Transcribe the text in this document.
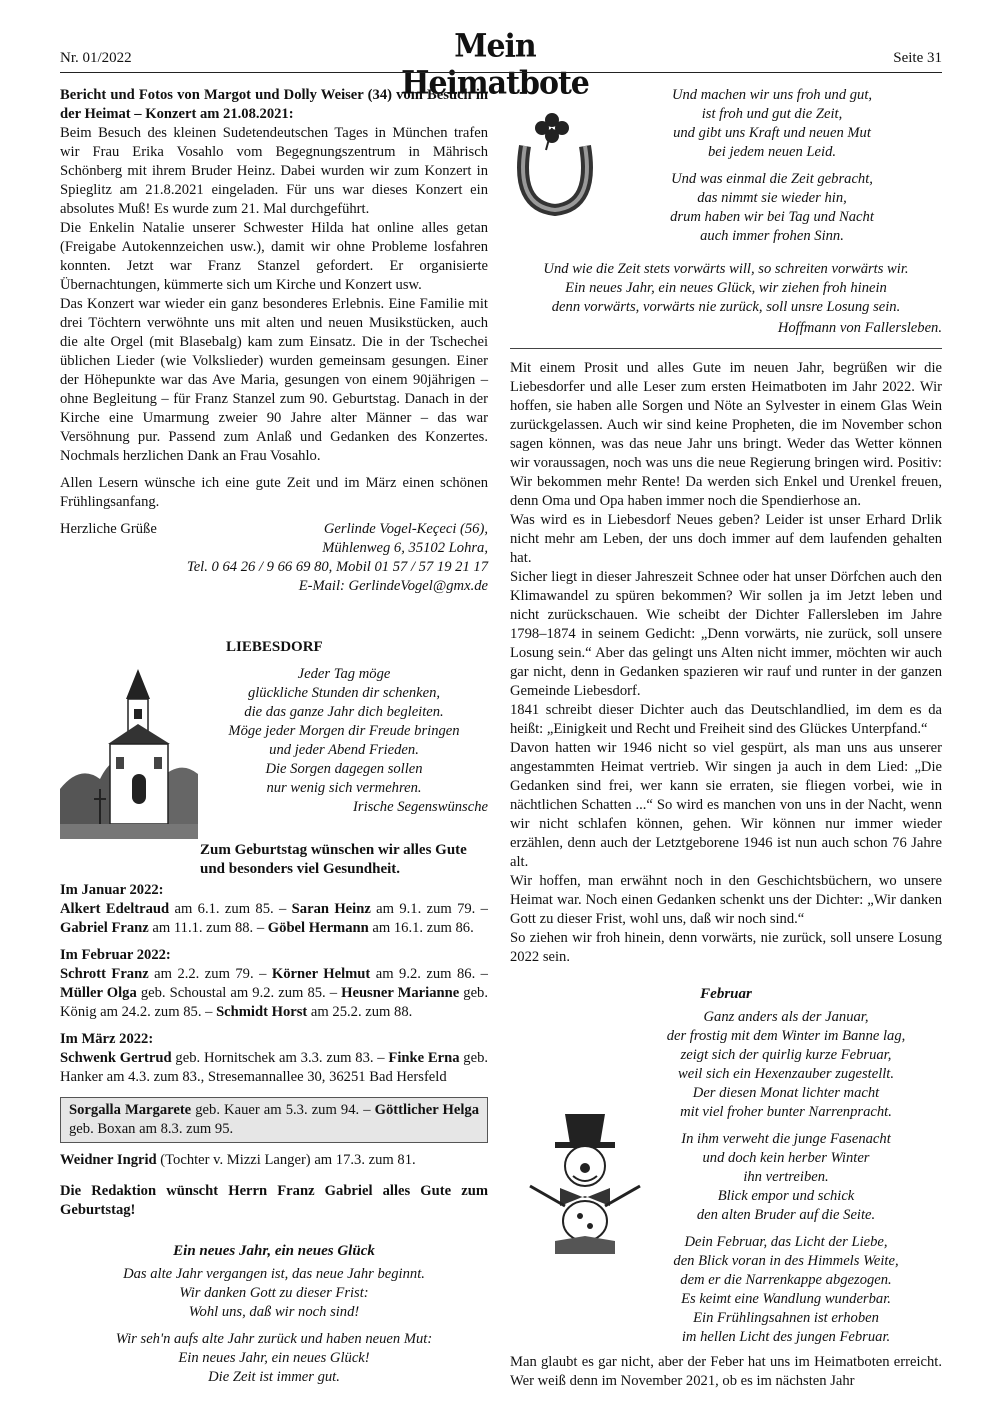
Nr. 01/2022	Mein Heimatbote
Seite 31

Bericht und Fotos von Margot und Dolly Weiser (34) vom Besuch in der Heimat – Konzert am 21.08.2021:

Beim Besuch des kleinen Sudetendeutschen Tages in München trafen wir Frau Erika Vosahlo vom Begegnungszentrum in Mährisch Schönberg mit ihrem Bruder Heinz. Dabei wurden wir zum Konzert in Spieglitz am 21.8.2021 eingeladen. Für uns war dieses Konzert ein absolutes Muß! Es wurde zum 21. Mal durchgeführt.

Die Enkelin Natalie unserer Schwester Hilda hat online alles getan (Freigabe Autokennzeichen usw.), damit wir ohne Probleme losfahren konnten. Jetzt war Franz Stanzel gefordert. Er organisierte Übernachtungen, kümmerte sich um Kirche und Konzert usw.

Das Konzert war wieder ein ganz besonderes Erlebnis. Eine Familie mit drei Töchtern verwöhnte uns mit alten und neuen Musikstücken, auch die alte Orgel (mit Blasebalg) kam zum Einsatz. Die in der Tschechei üblichen Lieder (wie Volkslieder) wurden gemeinsam gesungen. Einer der Höhepunkte war das Ave Maria, gesungen von einem 90jährigen – ohne Begleitung – für Franz Stanzel zum 90. Geburtstag. Danach in der Kirche eine Umarmung zweier 90 Jahre alter Männer – das war Versöhnung pur. Passend zum Anlaß und Gedanken des Konzertes. Nochmals herzlichen Dank an Frau Vosahlo.

Allen Lesern wünsche ich eine gute Zeit und im März einen schönen Frühlingsanfang.

Herzliche Grüße	Gerlinde Vogel-Keçeci (56),
Mühlenweg 6, 35102 Lohra,
Tel. 0 64 26 / 9 66 69 80, Mobil 01 57 / 57 19 21 17
E-Mail: GerlindeVogel@gmx.de
LIEBESDORF
Jeder Tag möge
glückliche Stunden dir schenken,
die das ganze Jahr dich begleiten.
Möge jeder Morgen dir Freude bringen
und jeder Abend Frieden.
Die Sorgen dagegen sollen
nur wenig sich vermehren.
Irische Segenswünsche
Zum Geburtstag wünschen wir alles Gute und besonders viel Gesundheit.
Im Januar 2022:

Alkert Edeltraud am 6.1. zum 85. – Saran Heinz am 9.1. zum 79. – Gabriel Franz am 11.1. zum 88. – Göbel Hermann am 16.1. zum 86.

Im Februar 2022:

Schrott Franz am 2.2. zum 79. – Körner Helmut am 9.2. zum 86. – Müller Olga geb. Schoustal am 9.2. zum 85. – Heusner Marianne geb. König am 24.2. zum 85. – Schmidt Horst am 25.2. zum 88.

Im März 2022:

Schwenk Gertrud geb. Hornitschek am 3.3. zum 83. – Finke Erna geb. Hanker am 4.3. zum 83., Stresemannallee 30, 36251 Bad Hersfeld

Sorgalla Margarete geb. Kauer am 5.3. zum 94. – Göttlicher Helga geb. Boxan am 8.3. zum 95.

Weidner Ingrid (Tochter v. Mizzi Langer) am 17.3. zum 81.

Die Redaktion wünscht Herrn Franz Gabriel alles Gute zum Geburtstag!

Ein neues Jahr, ein neues Glück
Das alte Jahr vergangen ist, das neue Jahr beginnt.
Wir danken Gott zu dieser Frist:
Wohl uns, daß wir noch sind!
Wir seh'n aufs alte Jahr zurück und haben neuen Mut:
Ein neues Jahr, ein neues Glück!
Die Zeit ist immer gut.
Und machen wir uns froh und gut,
ist froh und gut die Zeit,
und gibt uns Kraft und neuen Mut
bei jedem neuen Leid.
Und was einmal die Zeit gebracht,
das nimmt sie wieder hin,
drum haben wir bei Tag und Nacht
auch immer frohen Sinn.
Und wie die Zeit stets vorwärts will, so schreiten vorwärts wir.
Ein neues Jahr, ein neues Glück, wir ziehen froh hinein
denn vorwärts, vorwärts nie zurück, soll unsre Losung sein.
Hoffmann von Fallersleben.

Mit einem Prosit und alles Gute im neuen Jahr, begrüßen wir die Liebesdorfer und alle Leser zum ersten Heimatboten im Jahr 2022. Wir hoffen, sie haben alle Sorgen und Nöte an Sylvester in einem Glas Wein zurückgelassen. Auch wir sind keine Propheten, die im November schon sagen können, was das neue Jahr uns bringt. Weder das Wetter können wir voraussagen, noch was uns die neue Regierung bringen wird. Positiv: Wir bekommen mehr Rente! Da werden sich Enkel und Urenkel freuen, denn Oma und Opa haben immer noch die Spendierhose an.

Was wird es in Liebesdorf Neues geben? Leider ist unser Erhard Drlik nicht mehr am Leben, der uns doch immer auf dem laufenden gehalten hat.

Sicher liegt in dieser Jahreszeit Schnee oder hat unser Dörfchen auch den Klimawandel zu spüren bekommen? Wir sollen ja im Jetzt leben und nicht zurückschauen. Wie scheibt der Dichter Fallersleben im Jahre 1798–1874 in seinem Gedicht: „Denn vorwärts, nie zurück, soll unsere Losung sein.“ Aber das gelingt uns Alten nicht immer, möchten wir auch gar nicht, denn in Gedanken spazieren wir rauf und runter in der ganzen Gemeinde Liebesdorf.

1841 schreibt dieser Dichter auch das Deutschlandlied, im dem es da heißt: „Einigkeit und Recht und Freiheit sind des Glückes Unterpfand.“

Davon hatten wir 1946 nicht so viel gespürt, als man uns aus unserer angestammten Heimat vertrieb. Wir singen ja auch in dem Lied: „Die Gedanken sind frei, wer kann sie erraten, sie fliegen vorbei, wie in nächtlichen Schatten ...“ So wird es manchen von uns in der Nacht, wenn wir nicht schlafen können, gehen. Wir können nur immer wieder erzählen, denn auch der Letztgeborene 1946 ist nun auch schon 76 Jahre alt.

Wir hoffen, man erwähnt noch in den Geschichtsbüchern, wo unsere Heimat war. Noch einen Gedanken schenkt uns der Dichter: „Wir danken Gott zu dieser Frist, wohl uns, daß wir noch sind.“

So ziehen wir froh hinein, denn vorwärts, nie zurück, soll unsere Losung 2022 sein.

Februar
Ganz anders als der Januar,
der frostig mit dem Winter im Banne lag,
zeigt sich der quirlig kurze Februar,
weil sich ein Hexenzauber zugestellt.
Der diesen Monat lichter macht
mit viel froher bunter Narrenpracht.
In ihm verweht die junge Fasenacht
und doch kein herber Winter
ihn vertreiben.
Blick empor und schick
den alten Bruder auf die Seite.
Dein Februar, das Licht der Liebe,
den Blick voran in des Himmels Weite,
dem er die Narrenkappe abgezogen.
Es keimt eine Wandlung wunderbar.
Ein Frühlingsahnen ist erhoben
im hellen Licht des jungen Februar.

Man glaubt es gar nicht, aber der Feber hat uns im Heimatboten erreicht. Wer weiß denn im November 2021, ob es im nächsten Jahr
